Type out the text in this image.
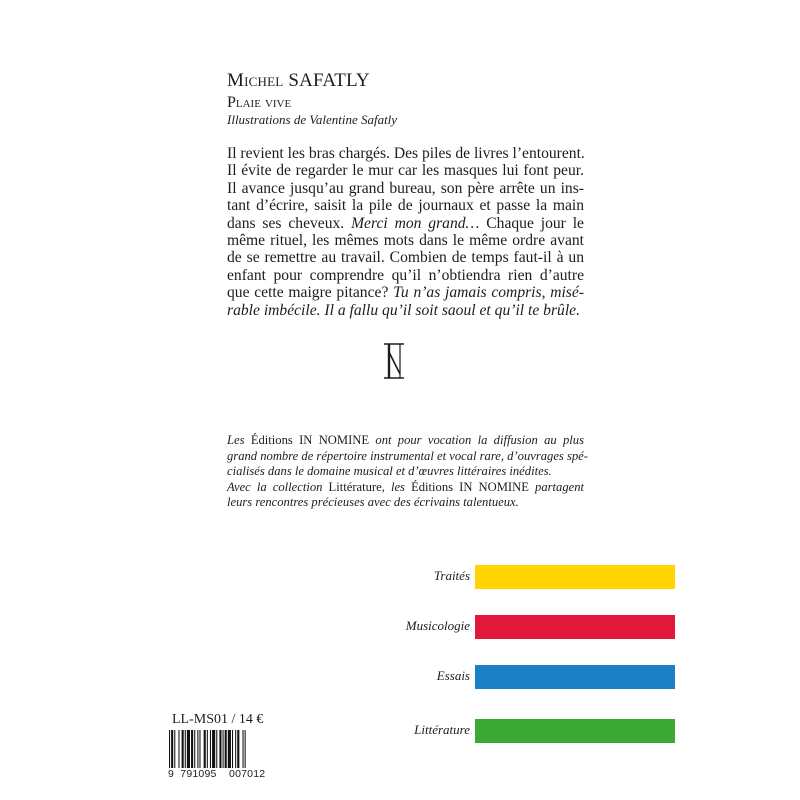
Michel SAFATLY
Plaie vive
Illustrations de Valentine Safatly
Il revient les bras chargés. Des piles de livres l’entourent.
Il évite de regarder le mur car les masques lui font peur.
Il avance jusqu’au grand bureau, son père arrête un ins-
tant d’écrire, saisit la pile de journaux et passe la main
dans ses cheveux. Merci mon grand… Chaque jour le
même rituel, les mêmes mots dans le même ordre avant
de se remettre au travail. Combien de temps faut-il à un
enfant pour comprendre qu’il n’obtiendra rien d’autre
que cette maigre pitance? Tu n’as jamais compris, misé-
rable imbécile. Il a fallu qu’il soit saoul et qu’il te brûle.
Les Éditions IN NOMINE ont pour vocation la diffusion au plus
grand nombre de répertoire instrumental et vocal rare, d’ouvrages spé-
cialisés dans le domaine musical et d’œuvres littéraires inédites.
Avec la collection Littérature, les Éditions IN NOMINE partagent
leurs rencontres précieuses avec des écrivains talentueux.
Traités
Musicologie
Essais
Littérature
LL-MS01 / 14 €
9 791095 007012
